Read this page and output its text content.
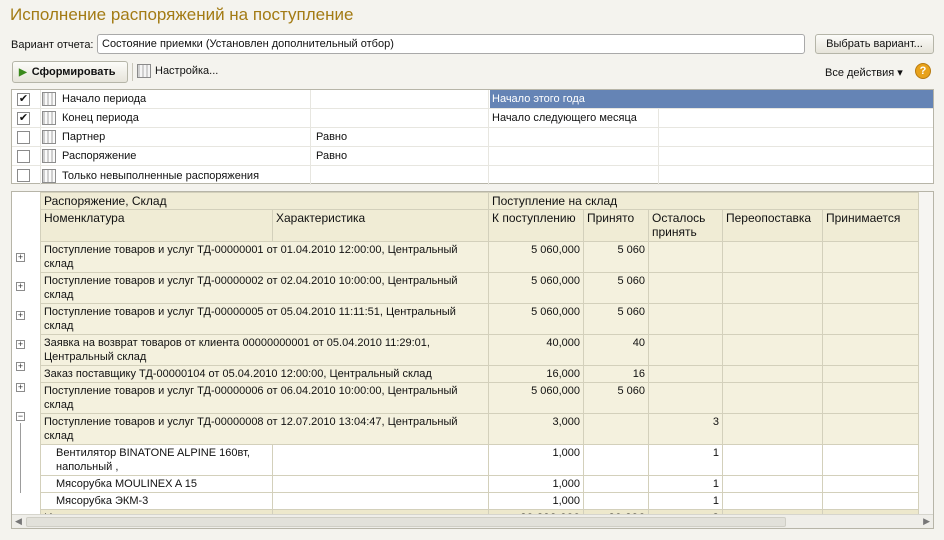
Исполнение распоряжений на поступление
Вариант отчета: Состояние приемки (Установлен дополнительный отбор)	Выбрать вариант...
▶ Сформировать	Настройка...	Все действия ▾	?
✔	Начало периода	Начало этого года
✔	Конец периода	Начало следующего месяца
Партнер	Равно
Распоряжение	Равно
Только невыполненные распоряжения
+
+
+
+
+
+
−
Распоряжение, Склад		Поступление на склад				
Номенклатура	Характеристика	К поступлению	Принято	Осталось принять	Переопоставка	Принимается
Поступление товаров и услуг ТД-00000001 от 01.04.2010 12:00:00, Центральный склад		5 060,000	5 060			
Поступление товаров и услуг ТД-00000002 от 02.04.2010 10:00:00, Центральный склад		5 060,000	5 060			
Поступление товаров и услуг ТД-00000005 от 05.04.2010 11:11:51, Центральный склад		5 060,000	5 060			
Заявка на возврат товаров от клиента 00000000001 от 05.04.2010 11:29:01, Центральный склад		40,000	40			
Заказ поставщику ТД-00000104 от 05.04.2010 12:00:00, Центральный склад		16,000	16			
Поступление товаров и услуг ТД-00000006 от 06.04.2010 10:00:00, Центральный склад		5 060,000	5 060			
Поступление товаров и услуг ТД-00000008 от 12.07.2010 13:04:47, Центральный склад		3,000		3		
Вентилятор BINATONE ALPINE 160вт, напольный ,		1,000		1		
Мясорубка MOULINEX A 15		1,000		1		
Мясорубка ЭКМ-3		1,000		1		

◀	▶
